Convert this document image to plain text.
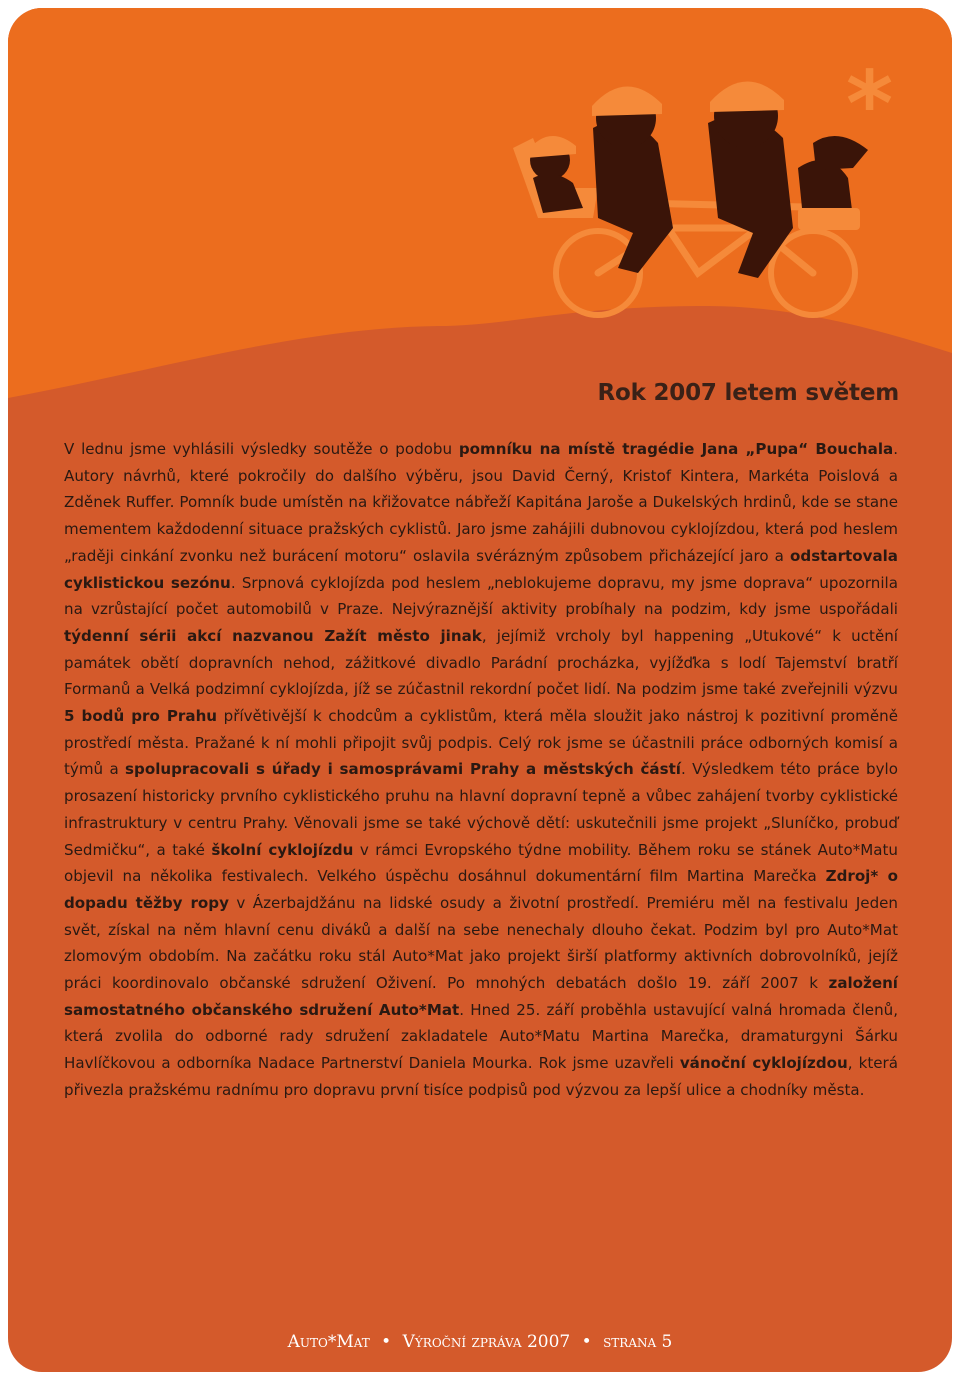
*
Rok 2007 letem světem

V lednu jsme vyhlásili výsledky soutěže o podobu pomníku na místě tragédie Jana „Pupa“ Bouchala. Autory návrhů, které pokročily do dalšího výběru, jsou David Černý, Kristof Kintera, Markéta Poislová a Zděnek Ruffer. Pomník bude umístěn na křižovatce nábřeží Kapitána Jaroše a Dukelských hrdinů, kde se stane mementem každodenní situace pražských cyklistů. Jaro jsme zahájili dubnovou cyklojízdou, která pod heslem „raději cinkání zvonku než burácení motoru“ oslavila svérázným způsobem přicházející jaro a odstartovala cyklistickou sezónu. Srpnová cyklojízda pod heslem „neblokujeme dopravu, my jsme doprava“ upozornila na vzrůstající počet automobilů v Praze. Nejvýraznější aktivity probíhaly na podzim, kdy jsme uspořádali týdenní sérii akcí nazvanou Zažít město jinak, jejímiž vrcholy byl happening „Utukové“ k uctění památek obětí dopravních nehod, zážitkové divadlo Parádní procházka, vyjížďka s lodí Tajemství bratří Formanů a Velká podzimní cyklojízda, jíž se zúčastnil rekordní počet lidí. Na podzim jsme také zveřejnili výzvu 5 bodů pro Prahu přívětivější k chodcům a cyklistům, která měla sloužit jako nástroj k pozitivní proměně prostředí města. Pražané k ní mohli připojit svůj podpis. Celý rok jsme se účastnili práce odborných komisí a týmů a spolupracovali s úřady i samosprávami Prahy a městských částí. Výsledkem této práce bylo prosazení historicky prvního cyklistického pruhu na hlavní dopravní tepně a vůbec zahájení tvorby cyklistické infrastruktury v centru Prahy. Věnovali jsme se také výchově dětí: uskutečnili jsme projekt „Sluníčko, probuď Sedmičku“, a také školní cyklojízdu v rámci Evropského týdne mobility. Během roku se stánek Auto*Matu objevil na několika festivalech. Velkého úspěchu dosáhnul dokumentární film Martina Marečka Zdroj* o dopadu těžby ropy v Ázerbajdžánu na lidské osudy a životní prostředí. Premiéru měl na festivalu Jeden svět, získal na něm hlavní cenu diváků a další na sebe nenechaly dlouho čekat. Podzim byl pro Auto*Mat zlomovým obdobím. Na začátku roku stál Auto*Mat jako projekt širší platformy aktivních dobrovolníků, jejíž práci koordinovalo občanské sdružení Oživení. Po mnohých debatách došlo 19. září 2007 k založení samostatného občanského sdružení Auto*Mat. Hned 25. září proběhla ustavující valná hromada členů, která zvolila do odborné rady sdružení zakladatele Auto*Matu Martina Marečka, dramaturgyni Šárku Havlíčkovou a odborníka Nadace Partnerství Daniela Mourka. Rok jsme uzavřeli vánoční cyklojízdou, která přivezla pražskému radnímu pro dopravu první tisíce podpisů pod výzvou za lepší ulice a chodníky města.

Auto*Mat • Výroční zpráva 2007 • strana 5
